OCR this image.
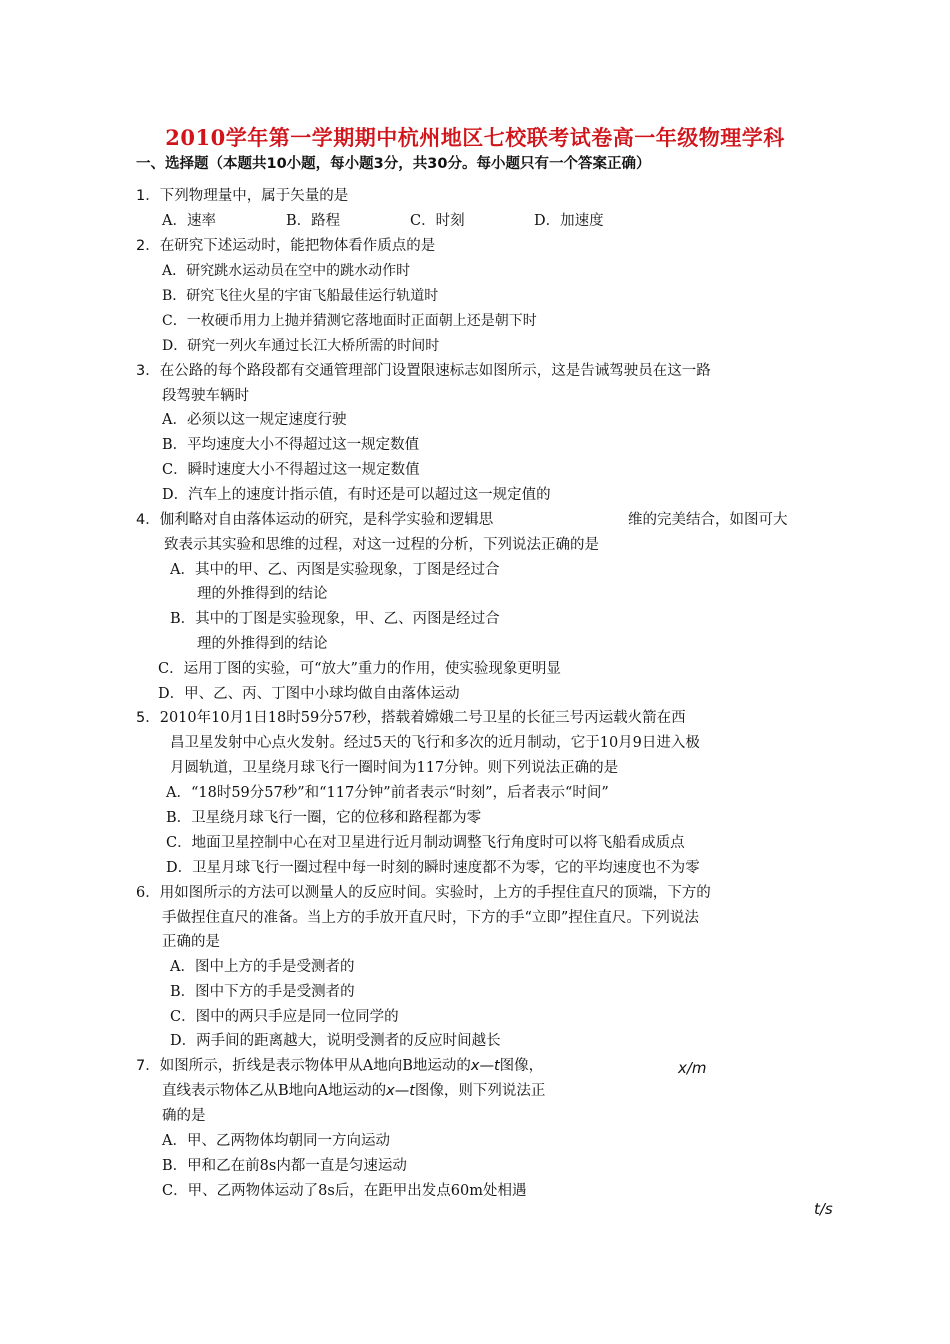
2010学年第一学期期中杭州地区七校联考试卷高一年级物理学科
一、选择题（本题共10小题，每小题3分，共30分。每小题只有一个答案正确）
1．下列物理量中，属于矢量的是
A．速率	B．路程	C．时刻	D．加速度
2．在研究下述运动时，能把物体看作质点的是
A．研究跳水运动员在空中的跳水动作时
B．研究飞往火星的宇宙飞船最佳运行轨道时
C．一枚硬币用力上抛并猜测它落地面时正面朝上还是朝下时
D．研究一列火车通过长江大桥所需的时间时
3．在公路的每个路段都有交通管理部门设置限速标志如图所示，这是告诫驾驶员在这一路
段驾驶车辆时
A．必须以这一规定速度行驶
B．平均速度大小不得超过这一规定数值
C．瞬时速度大小不得超过这一规定数值
D．汽车上的速度计指示值，有时还是可以超过这一规定值的
4．伽利略对自由落体运动的研究，是科学实验和逻辑思	维的完美结合，如图可大
致表示其实验和思维的过程，对这一过程的分析，下列说法正确的是
A．其中的甲、乙、丙图是实验现象，丁图是经过合
理的外推得到的结论
B．其中的丁图是实验现象，甲、乙、丙图是经过合
理的外推得到的结论
C．运用丁图的实验，可“放大”重力的作用，使实验现象更明显
D．甲、乙、丙、丁图中小球均做自由落体运动
5．2010年10月1日18时59分57秒，搭载着嫦娥二号卫星的长征三号丙运载火箭在西
昌卫星发射中心点火发射。经过5天的飞行和多次的近月制动，它于10月9日进入极
月圆轨道，卫星绕月球飞行一圈时间为117分钟。则下列说法正确的是
A．“18时59分57秒”和“117分钟”前者表示“时刻”，后者表示“时间”
B．卫星绕月球飞行一圈，它的位移和路程都为零
C．地面卫星控制中心在对卫星进行近月制动调整飞行角度时可以将飞船看成质点
D．卫星月球飞行一圈过程中每一时刻的瞬时速度都不为零，它的平均速度也不为零
6．用如图所示的方法可以测量人的反应时间。实验时，上方的手捏住直尺的顶端，下方的
手做捏住直尺的准备。当上方的手放开直尺时，下方的手“立即”捏住直尺。下列说法
正确的是
A．图中上方的手是受测者的
B．图中下方的手是受测者的
C．图中的两只手应是同一位同学的
D．两手间的距离越大，说明受测者的反应时间越长
7．如图所示，折线是表示物体甲从A地向B地运动的x—t图像，
直线表示物体乙从B地向A地运动的x—t图像，则下列说法正
确的是
A．甲、乙两物体均朝同一方向运动
B．甲和乙在前8s内都一直是匀速运动
C．甲、乙两物体运动了8s后，在距甲出发点60m处相遇
x/m
t/s
